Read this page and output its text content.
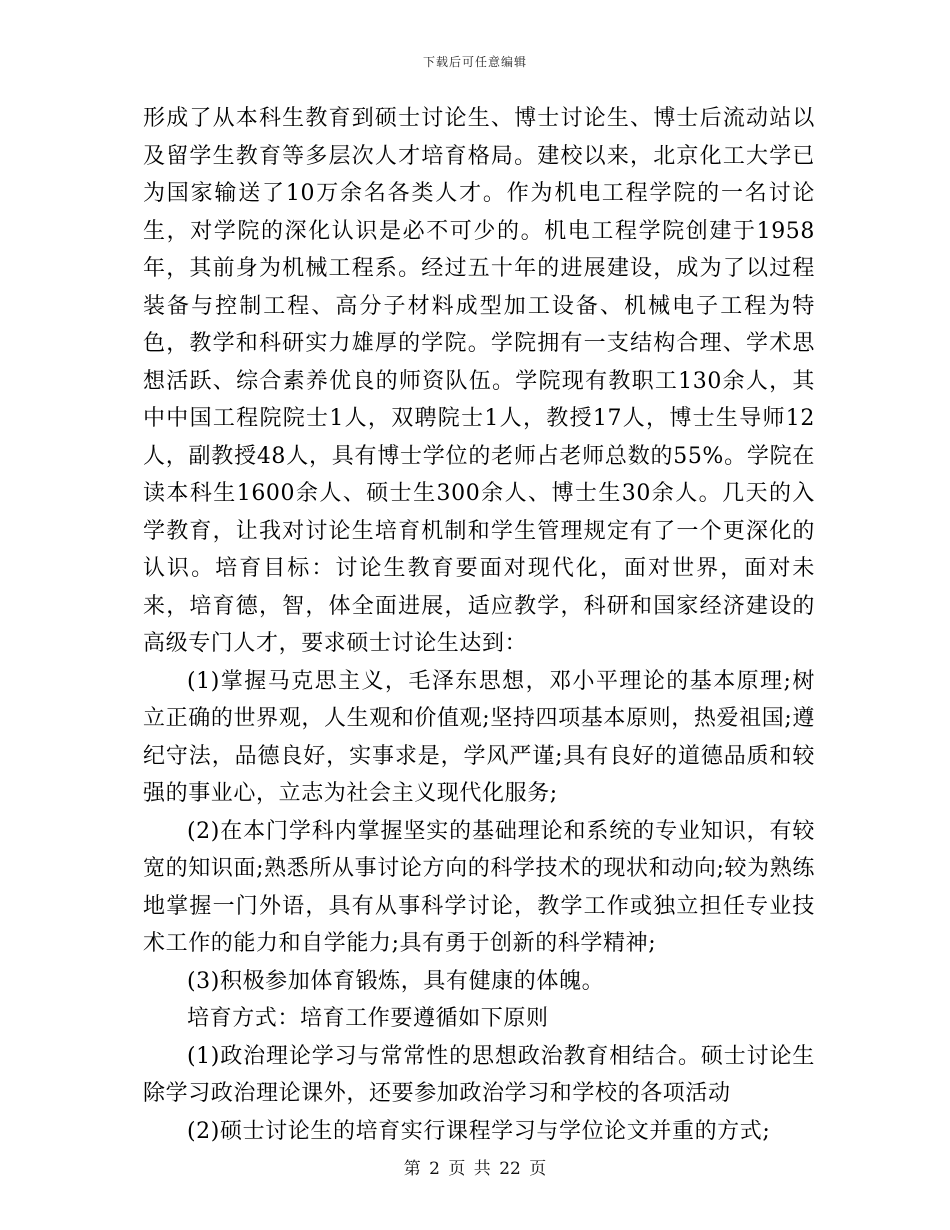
下载后可任意编辑

形成了从本科生教育到硕士讨论生、博士讨论生、博士后流动站以及留学生教育等多层次人才培育格局。建校以来，北京化工大学已为国家输送了10万余名各类人才。作为机电工程学院的一名讨论生，对学院的深化认识是必不可少的。机电工程学院创建于1958年，其前身为机械工程系。经过五十年的进展建设，成为了以过程装备与控制工程、高分子材料成型加工设备、机械电子工程为特色，教学和科研实力雄厚的学院。学院拥有一支结构合理、学术思想活跃、综合素养优良的师资队伍。学院现有教职工130余人，其中中国工程院院士1人，双聘院士1人，教授17人，博士生导师12人，副教授48人，具有博士学位的老师占老师总数的55%。学院在读本科生1600余人、硕士生300余人、博士生30余人。几天的入学教育，让我对讨论生培育机制和学生管理规定有了一个更深化的认识。培育目标：讨论生教育要面对现代化，面对世界，面对未来，培育德，智，体全面进展，适应教学，科研和国家经济建设的高级专门人才，要求硕士讨论生达到：

(1)掌握马克思主义，毛泽东思想，邓小平理论的基本原理;树立正确的世界观，人生观和价值观;坚持四项基本原则，热爱祖国;遵纪守法，品德良好，实事求是，学风严谨;具有良好的道德品质和较强的事业心，立志为社会主义现代化服务;

(2)在本门学科内掌握坚实的基础理论和系统的专业知识，有较宽的知识面;熟悉所从事讨论方向的科学技术的现状和动向;较为熟练地掌握一门外语，具有从事科学讨论，教学工作或独立担任专业技术工作的能力和自学能力;具有勇于创新的科学精神;

(3)积极参加体育锻炼，具有健康的体魄。

培育方式：培育工作要遵循如下原则

(1)政治理论学习与常常性的思想政治教育相结合。硕士讨论生除学习政治理论课外，还要参加政治学习和学校的各项活动

(2)硕士讨论生的培育实行课程学习与学位论文并重的方式;

第 2 页 共 22 页
